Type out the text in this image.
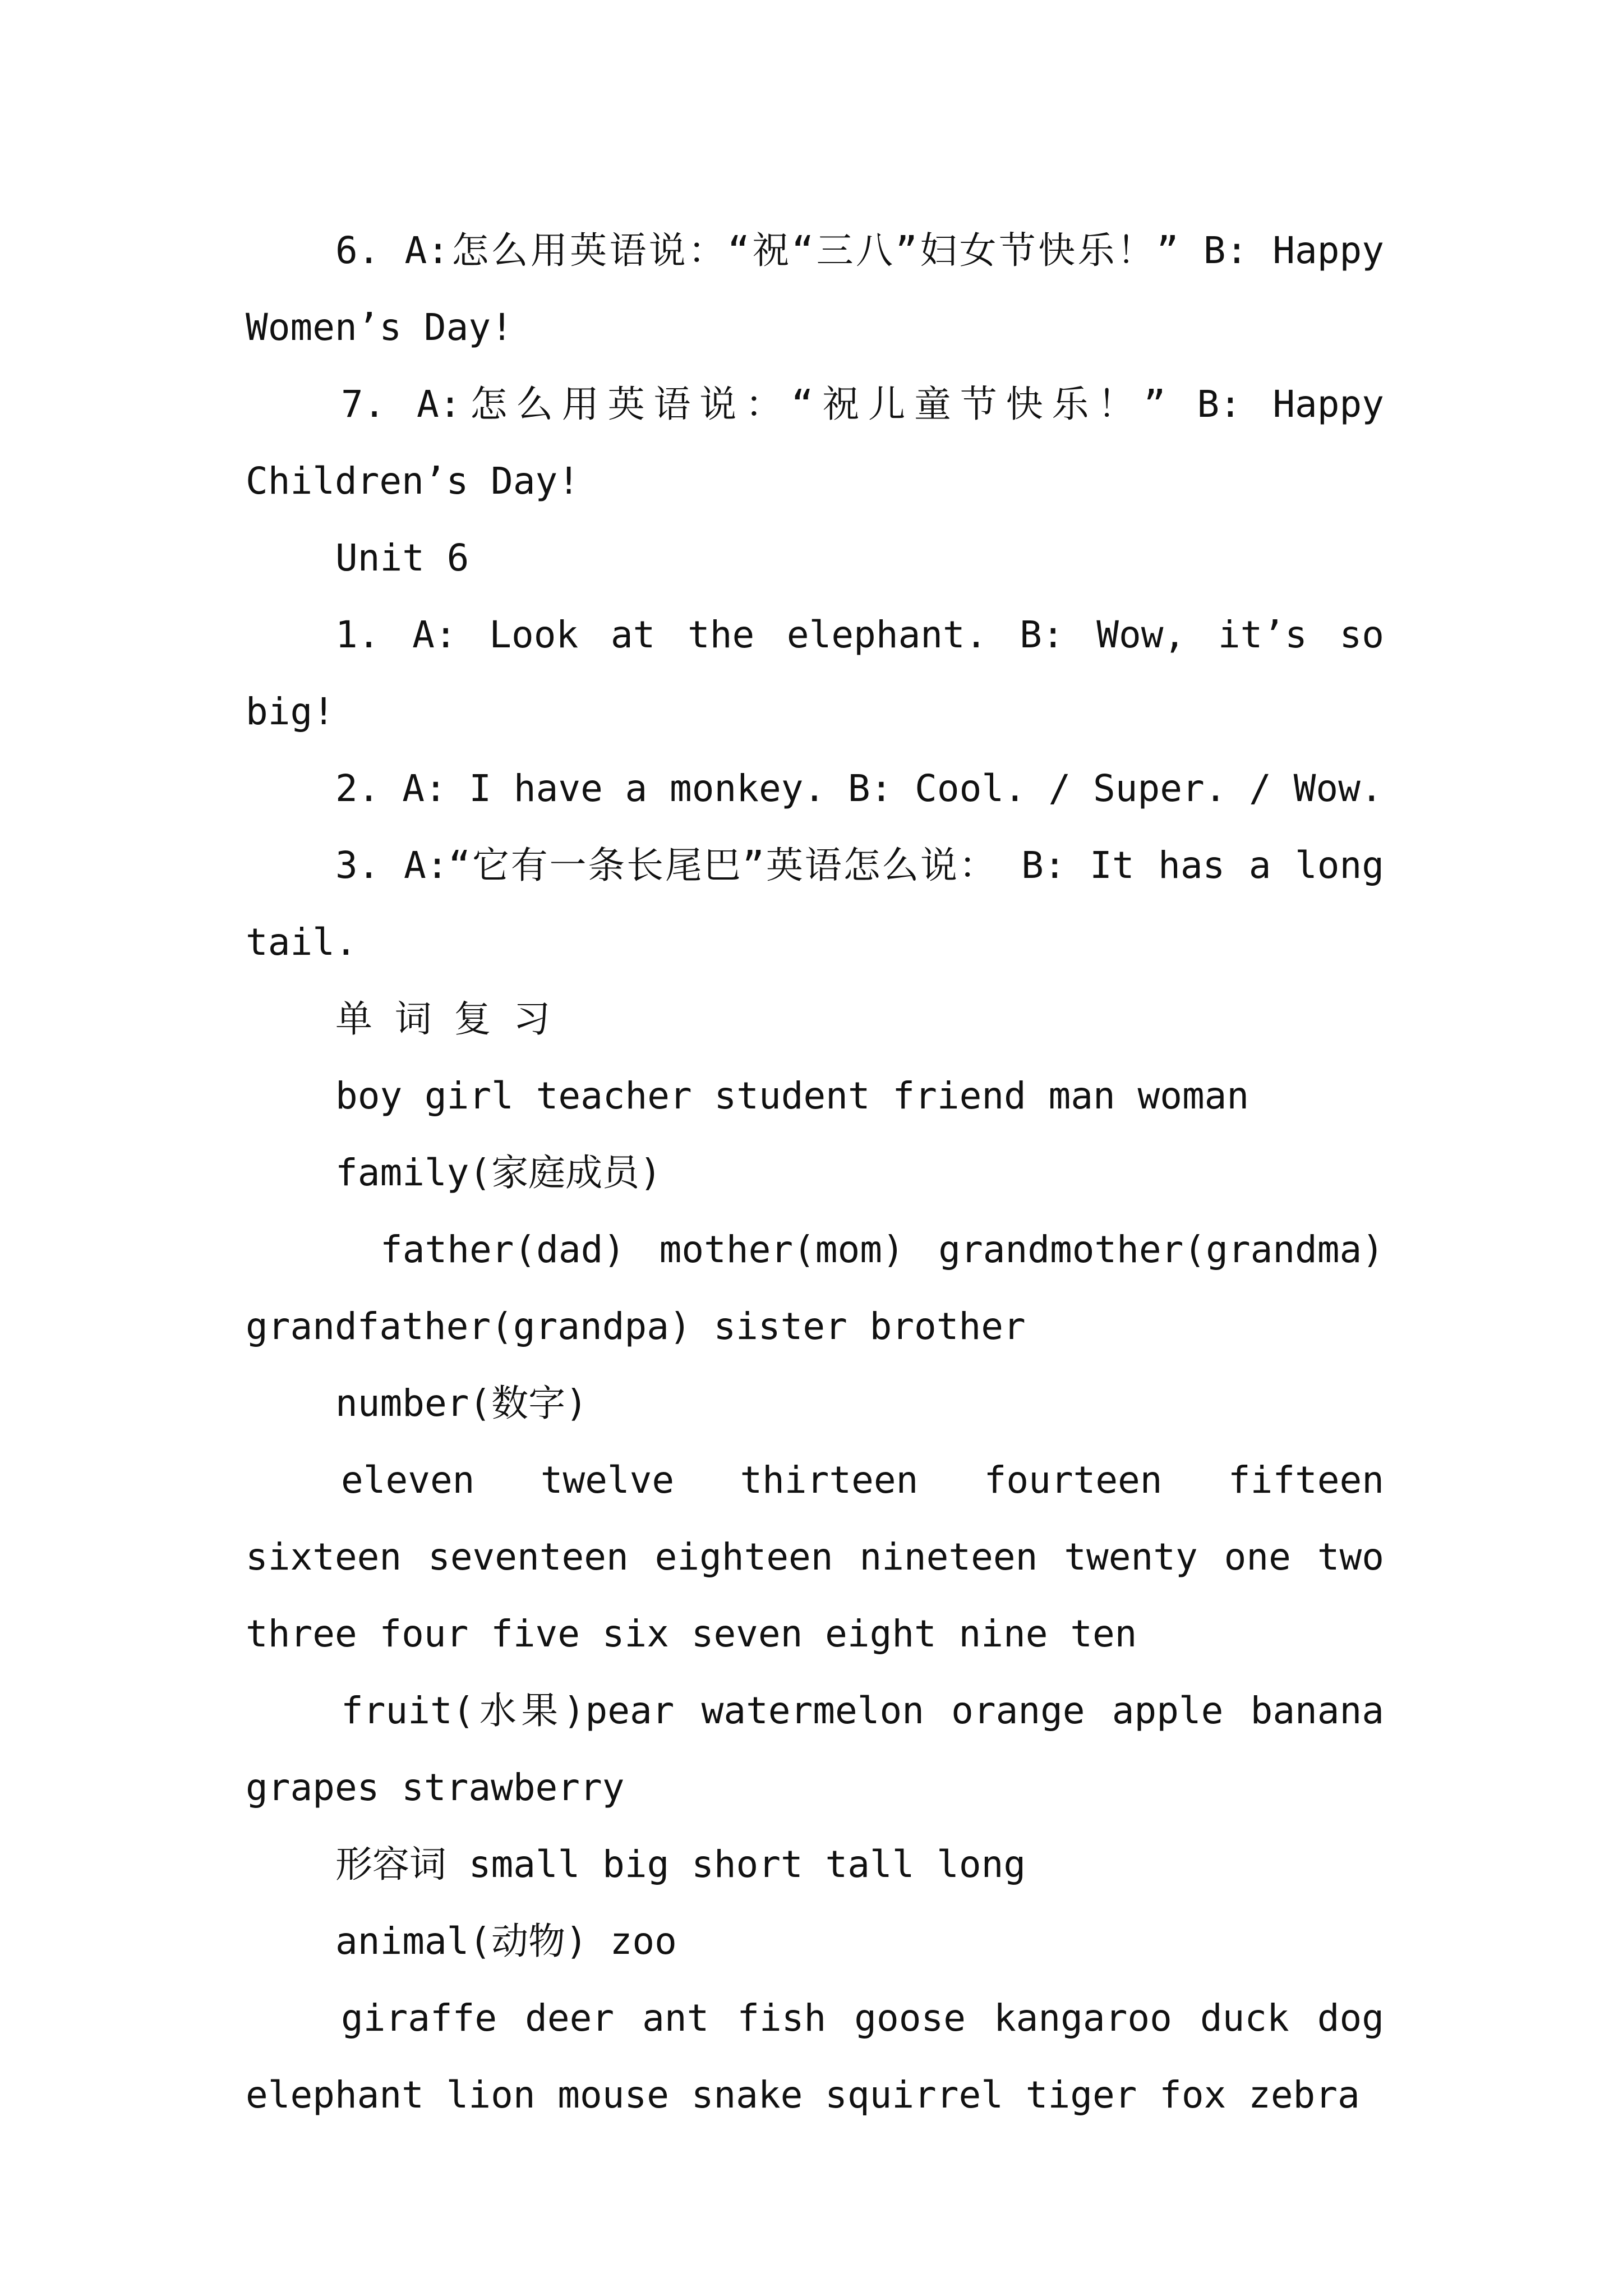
6. A:怎么用英语说：“祝“三八”妇女节快乐！” B: Happy Women’s Day!

7. A:怎么用英语说：“祝儿童节快乐！” B: Happy Children’s Day!

Unit 6

1. A: Look at the elephant. B: Wow, it’s so big!

2. A: I have a monkey. B: Cool. / Super. / Wow.

3. A:“它有一条长尾巴”英语怎么说： B: It has a long tail.

单 词 复 习

boy girl teacher student friend man woman

family(家庭成员)

father(dad) mother(mom) grandmother(grandma) grandfather(grandpa) sister brother

number(数字)

eleven twelve thirteen fourteen fifteen sixteen seventeen eighteen nineteen twenty one two three four five six seven eight nine ten

fruit(水果)pear watermelon orange apple banana grapes strawberry

形容词 small big short tall long

animal(动物) zoo

giraffe deer ant fish goose kangaroo duck dog elephant lion mouse snake squirrel tiger fox zebra
